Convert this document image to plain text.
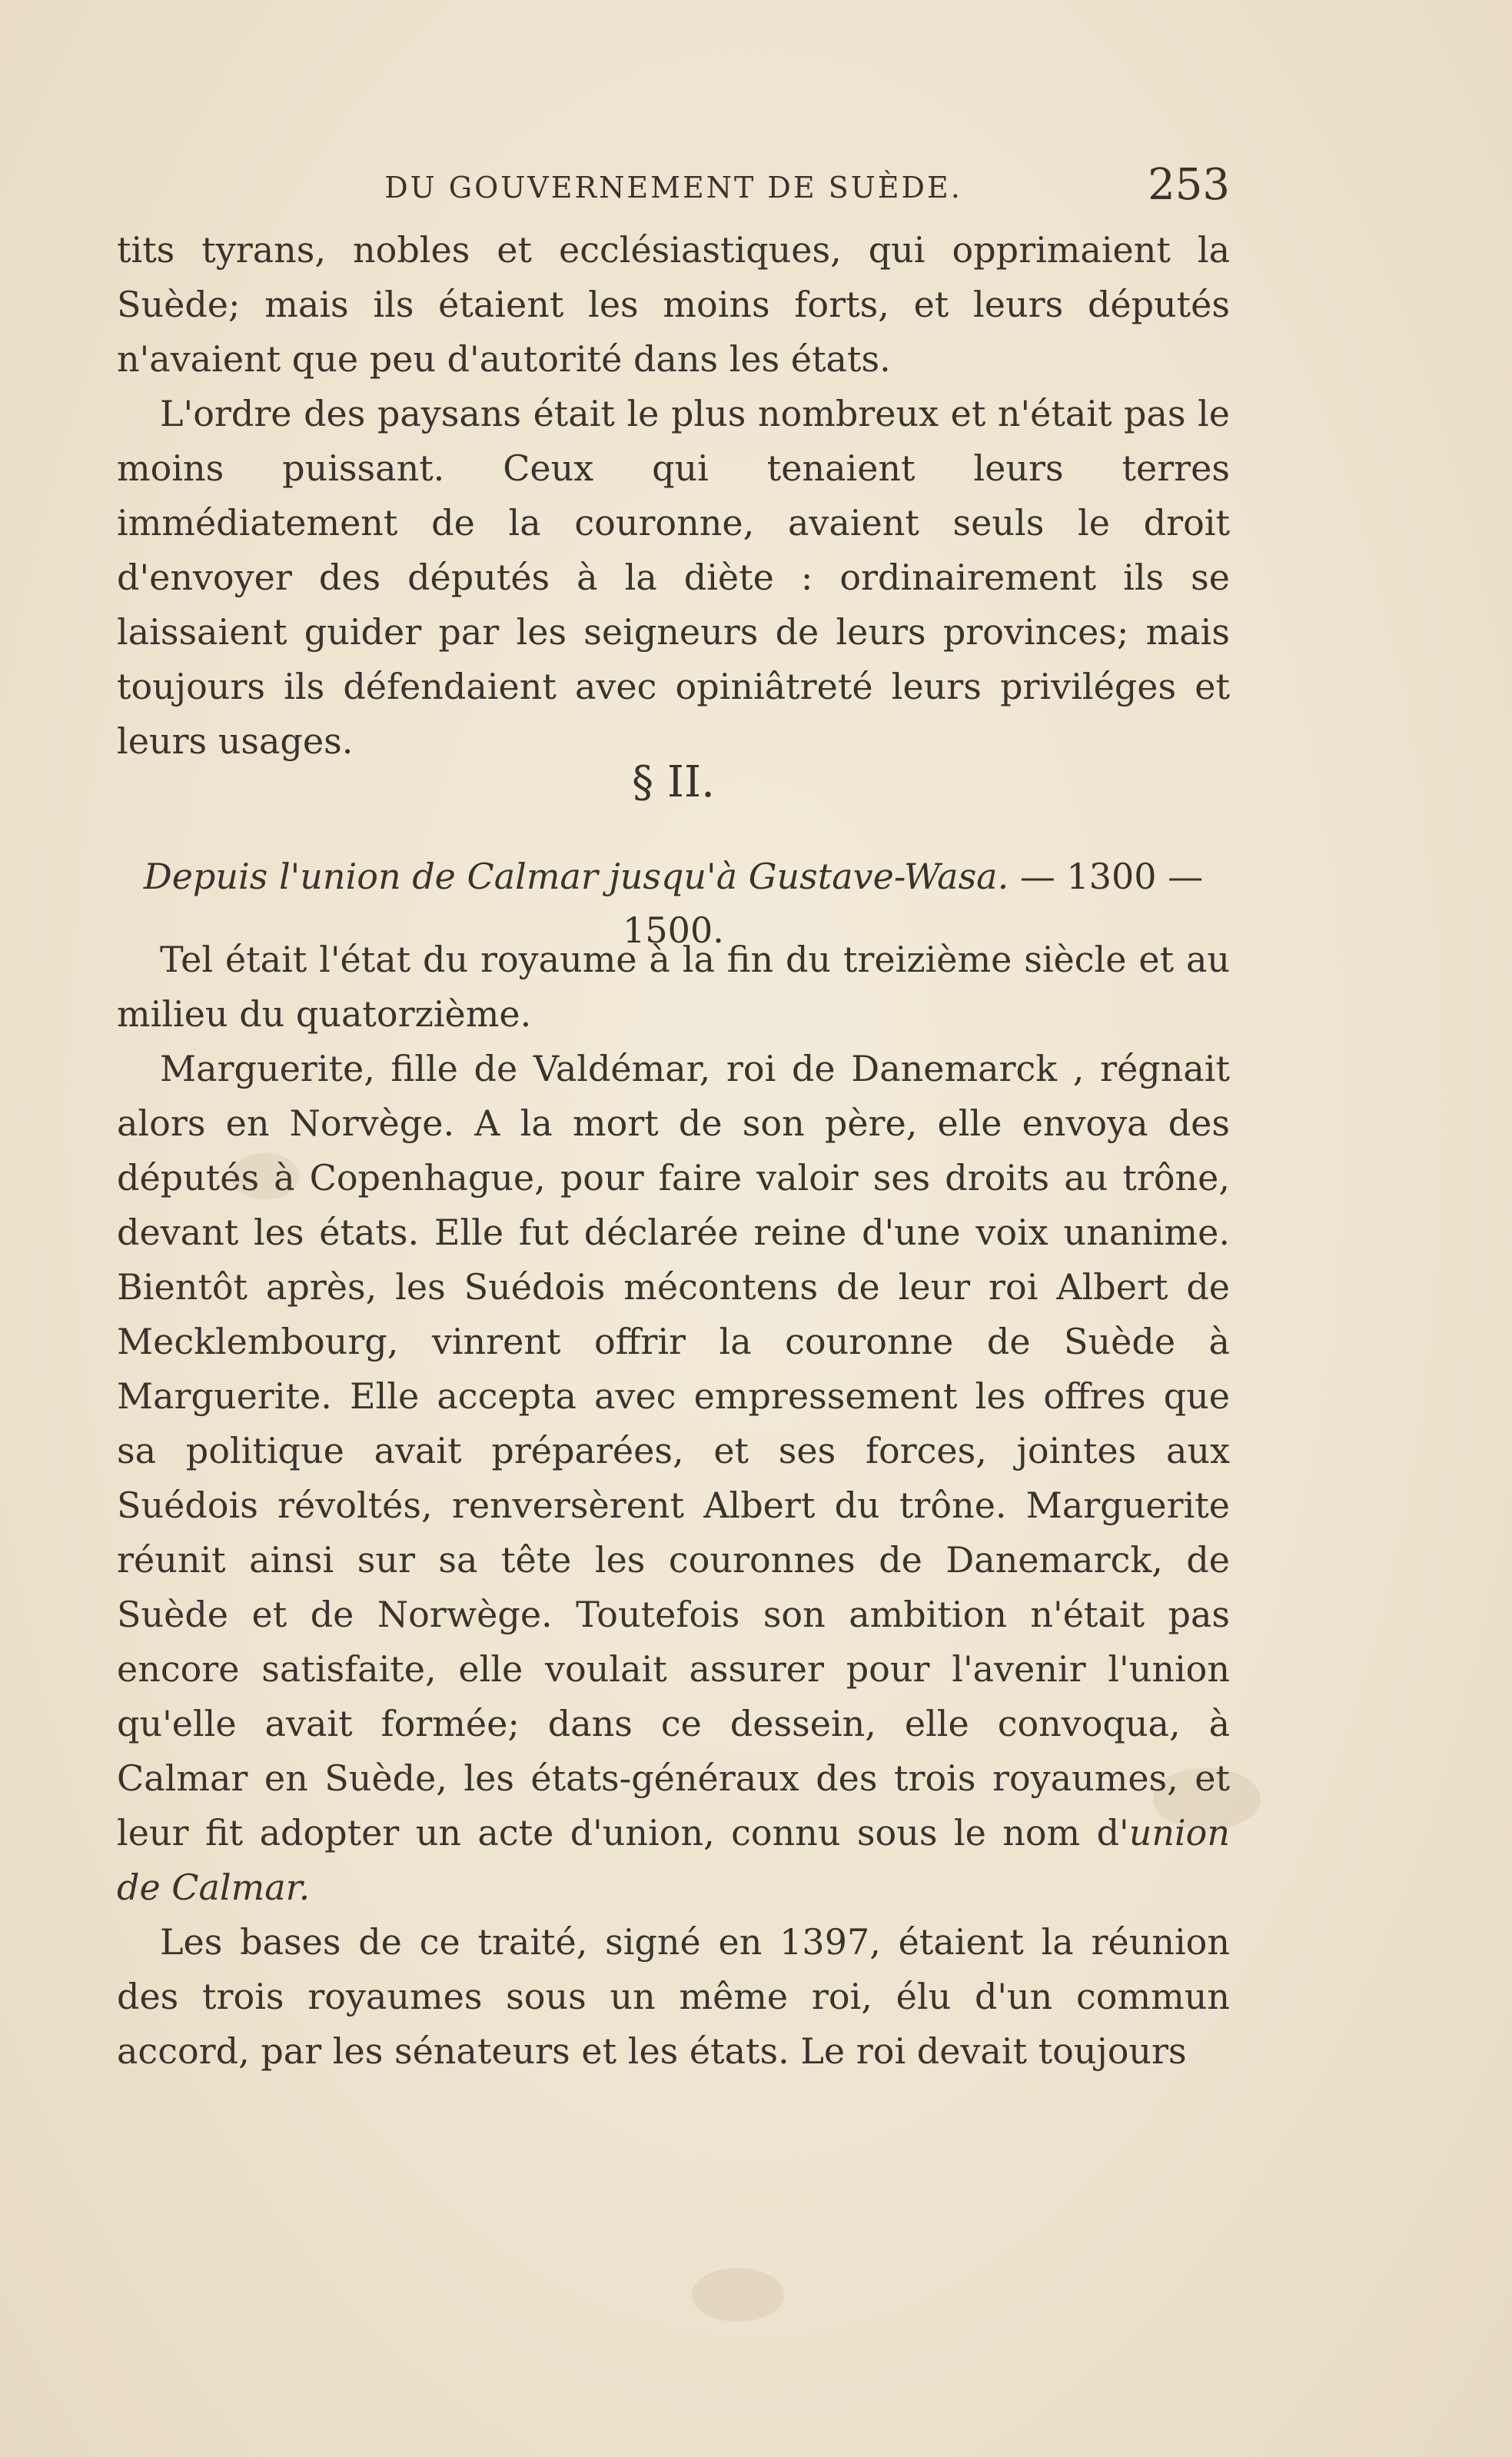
DU GOUVERNEMENT DE SUÈDE.	253

tits tyrans, nobles et ecclésiastiques, qui opprimaient la Suède; mais ils étaient les moins forts, et leurs députés n'avaient que peu d'autorité dans les états.

L'ordre des paysans était le plus nombreux et n'était pas le moins puissant. Ceux qui tenaient leurs terres immédiatement de la couronne, avaient seuls le droit d'envoyer des députés à la diète : ordinairement ils se laissaient guider par les seigneurs de leurs provinces; mais toujours ils défendaient avec opiniâtreté leurs priviléges et leurs usages.

§ II.
Depuis l'union de Calmar jusqu'à Gustave-Wasa. — 1300 — 1500.

Tel était l'état du royaume à la fin du treizième siècle et au milieu du quatorzième.

Marguerite, fille de Valdémar, roi de Danemarck , régnait alors en Norvège. A la mort de son père, elle envoya des députés à Copenhague, pour faire valoir ses droits au trône, devant les états. Elle fut déclarée reine d'une voix unanime. Bientôt après, les Suédois mécontens de leur roi Albert de Mecklembourg, vinrent offrir la couronne de Suède à Marguerite. Elle accepta avec empressement les offres que sa politique avait préparées, et ses forces, jointes aux Suédois révoltés, renversèrent Albert du trône. Marguerite réunit ainsi sur sa tête les couronnes de Danemarck, de Suède et de Norwège. Toutefois son ambition n'était pas encore satisfaite, elle voulait assurer pour l'avenir l'union qu'elle avait formée; dans ce dessein, elle convoqua, à Calmar en Suède, les états-généraux des trois royaumes, et leur fit adopter un acte d'union, connu sous le nom d'union de Calmar.

Les bases de ce traité, signé en 1397, étaient la réunion des trois royaumes sous un même roi, élu d'un commun accord, par les sénateurs et les états. Le roi devait toujours
